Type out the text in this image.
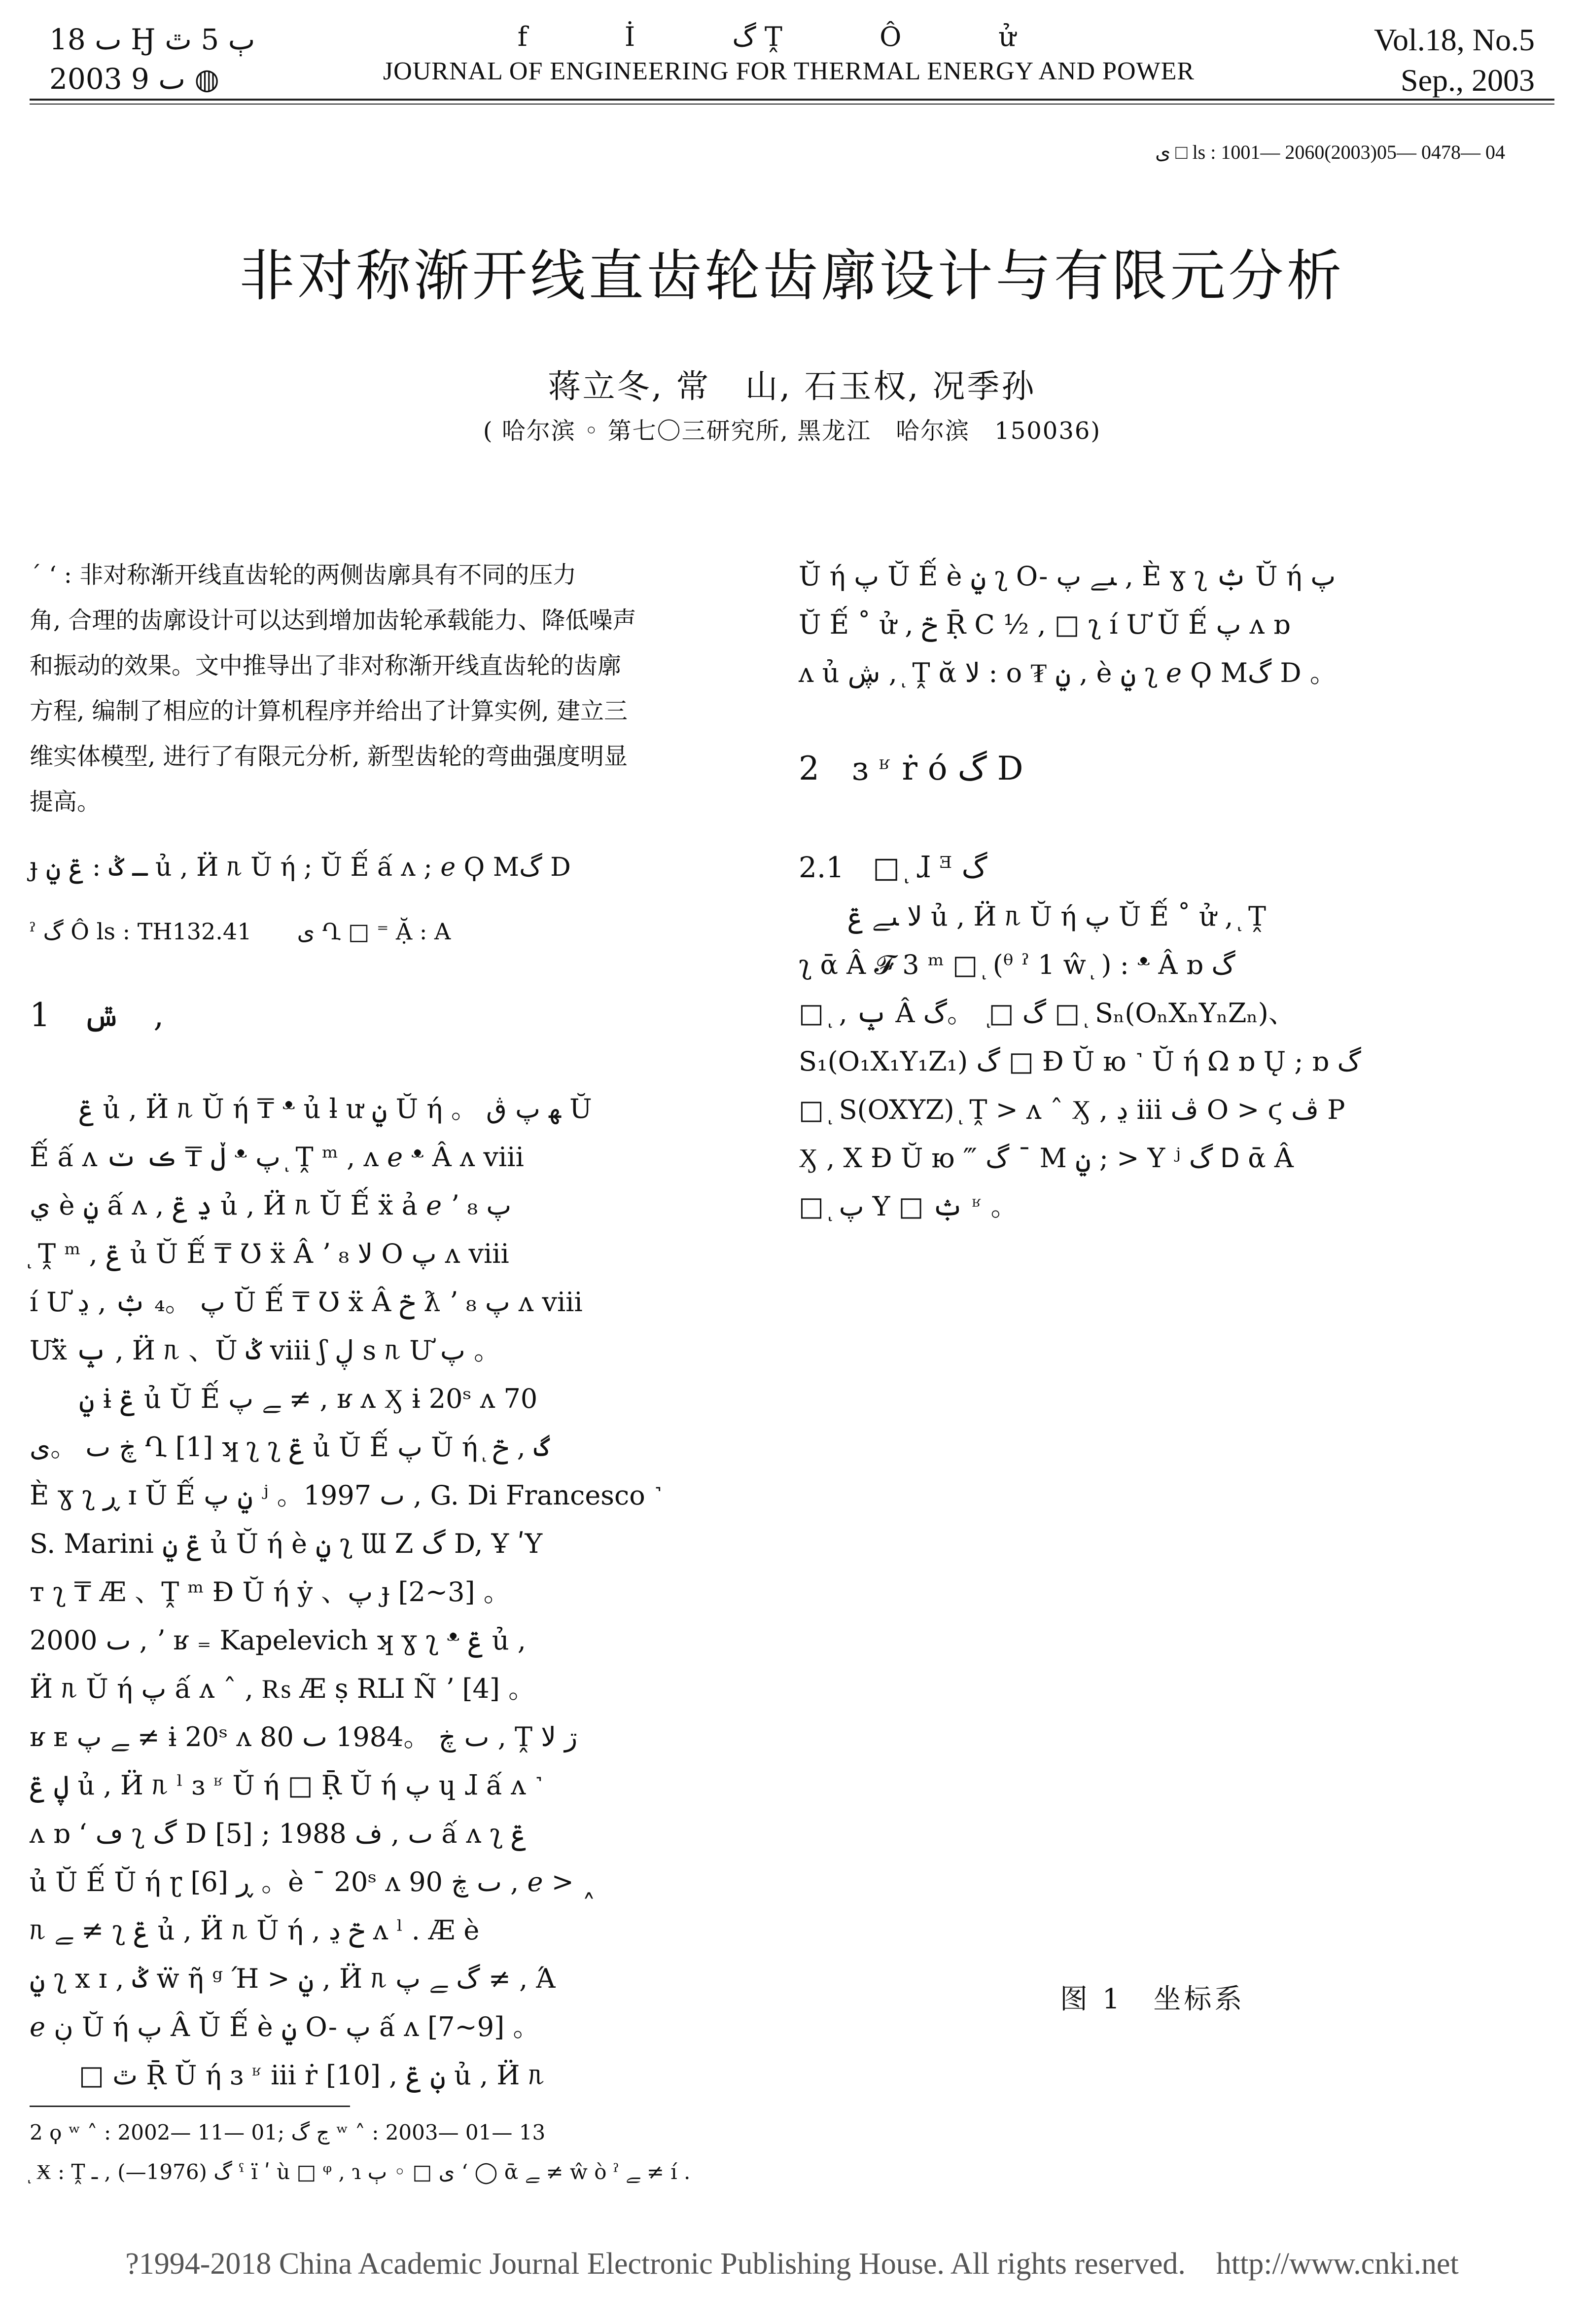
ٮ 18 Ӈ ٻ 5 ٿ
2003 ٮ 9 ◍
f İ گ Ṱ Ô ử
JOURNAL OF ENGINEERING FOR THERMAL ENERGY AND POWER
Vol.18, No.5
Sep., 2003
ى □ ls : 1001— 2060(2003)05— 0478— 04
非对称渐开线直齿轮齿廓设计与有限元分析
蒋立冬, 常　山, 石玉权, 况季孙
( 哈尔滨 ◦ 第七〇三研究所, 黑龙江　哈尔滨　150036)

ˊ ʻ : 非对称渐开线直齿轮的两侧齿廓具有不同的压力

角, 合理的齿廓设计可以达到增加齿轮承载能力、降低噪声

和振动的效果。文中推导出了非对称渐开线直齿轮的齿廓

方程, 编制了相应的计算机程序并给出了计算实例, 建立三

维实体模型, 进行了有限元分析, 新型齿轮的弯曲强度明显

提高。

ɟ ـ ݣ : ݝ ݧ ủ , Ӥ ᥰ Ŭ ή ; Ŭ Ế ấ ʌ ; 𝑒 Ϙ Mگ D
ˀ گ Ô ls : TH132.41　　ى Ղ □ ⁼ Ặ : A
1　ݜ　,

ݝ ủ , Ӥ ᥰ Ŭ ή ₸ ᵜ ủ ƚ ư ݧ Ŭ ή 。 ﮭ پ ڨ Ŭ

Ế ấ ʌ ڵ ₸ ڪ ݖ ᵜ پ ͅ Ṱ ᵐ , ʌ 𝑒 ᵜ Â ʌ viii

ي è ݧ ấ ʌ , ڍ ݝ ủ , Ӥ ᥰ Ŭ Ế ẍ ả 𝑒 ʼ ₈ پ

ͅ Ṱ ᵐ , ݝ ủ Ŭ Ế ₸ Ʊ ẍ Â ʼ ₈ ﻻ O پ ʌ viii

í Ư پ 。₄ ݑ , ڍ Ŭ Ế ₸ Ʊ ẍ Â ݗ ƛ ʼ ₈ پ ʌ viii

Ưẍ ݒ , Ӥ ᥰ 、Ŭ ݣ viii ʃ ڸ s ᥰ Ư پ 。

ݧ ɨ ݝ ủ Ŭ Ế ﮯ پ ≠ , ʁ ʌ Ӽ ɨ 20ˢ ʌ 70

ڿ ٮ 。ى Ղ [1] ʞ ʅ ʅ ݝ ủ Ŭ Ế پ Ŭ ή ͅ گ , ݗ

È ɣ ʅ ڕ ɪ Ŭ Ế ݧ پ ʲ 。1997 ٮ , G. Di Francesco ˺

S. Marini ݝ ݧ ủ Ŭ ή è ݧ ʅ Ɯ Z گ D, Ұ ʹY

ᴛ ʅ ₸ Æ 、Ṱ ᵐ Ɖ Ŭ ή ẏ 、پ ɟ [2~3] 。

2000 ٮ , ʼ ʁ ₌ Kapelevich ʞ ɣ ʅ ᵜ ݝ ủ ,

Ӥ ᥰ Ŭ ή پ ấ ʌ ˆ , ₨ Æ ṣ RLI Ñ ʼ [4] 。

ʁ ᴇ ﮯ پ ≠ ɨ 20ˢ ʌ 80 ٮ ڿ 。1984 ٮ , Ṱ ڗ ﻻ

ڸ ݝ ủ , Ӥ ᥰ ˡ ɜ ʶ Ŭ ή □ Ṝ Ŭ ή پ ɥ ɺ ấ ʌ ˺

ʌ ɒ ʻ ڡ ʅ گ D [5] ; 1988 ٮ , ف ấ ʌ ʅ ݝ

ủ Ŭ Ế Ŭ ή ɽ ڕ [6] 。è ˉ 20ˢ ʌ 90 ٮ ڿ , 𝑒 > ˰

ᥰ ﮯ ≠ ʅ ݝ ủ , Ӥ ᥰ Ŭ ή , ݗ ڍ ʌ ˡ . Æ è

ݧ ʅ x ɪ , ݣ ẅ ῆ ᵍ Ή > ݧ , Ӥ ᥰ گ ﮯ پ ≠ , Ά

𝑒 ڹ Ŭ ή پ Â Ŭ Ế è ݧ O- پ ấ ʌ [7~9] 。

□ ٿ Ṝ Ŭ ή ɜ ʶ iii ṙ [10] , ڹ ݝ ủ , Ӥ ᥰ

Ŭ ή پ Ŭ Ế è ݧ ʅ O- ﯩﮯ پ , È ɣ ʅ ݑ Ŭ ή پ

Ŭ Ế ˚ ử , ݗ Ṝ C ½ , □ ʅ í Ư Ŭ Ế پ ʌ ɒ

ʌ ủ ڜ , ͅ Ṱ ᾰ ﻻ : ᴏ ₮ ݧ , è ݧ ʅ 𝑒 Ϙ Mگ D 。

2　ɜ ʶ ṙ ó گ D
2.1　□ ͅ ɺ ᴲ گ

ﻻ ﯩﮯ ݝ ủ , Ӥ ᥰ Ŭ ή پ Ŭ Ế ˚ ử , ͅ Ṱ

ʅ ᾱ Â 𝓕 3 ᵐ □ ͅ (ᶿ ˀ 1 ŵ ͅ ) : ᵜ Â ɒ گ

□ ͅ , ݒ Â گ □ ͅ 。گ □ ͅ Sₙ(OₙXₙYₙZₙ)、

S₁(O₁X₁Y₁Z₁) گ □ Ɖ Ŭ ю ˺ Ŭ ή Ω ɒ Ų ; ɒ گ

□ ͅ S(OXYZ) ͅ Ṱ > ʌ ˆ Ӽ , ڍ iii ڤ O > ϛ ڤ P

Ӽ , X Ɖ Ŭ ю ‴ گ ˉ M ݧ ; > Y ʲ گ Ꭰ ᾱ Â

□ ͅ پ Y □ ݑ ʶ 。

图 1　坐标系
2 ϙ ʷ ˄ : 2002— 11— 01; ڃ گ ʷ ˄ : 2003— 01— 13
ͅ Ӿ : Ṱ گ (1976—) , ـ ˁ ï ʹ ù □ ᵠ , ɿ ى □ ◦ ٻ ʻ ◯ ᾱ ﮯ ≠ ŵ ò ˀ ﮯ ≠ í .
?1994-2018 China Academic Journal Electronic Publishing House. All rights reserved.　http://www.cnki.net
